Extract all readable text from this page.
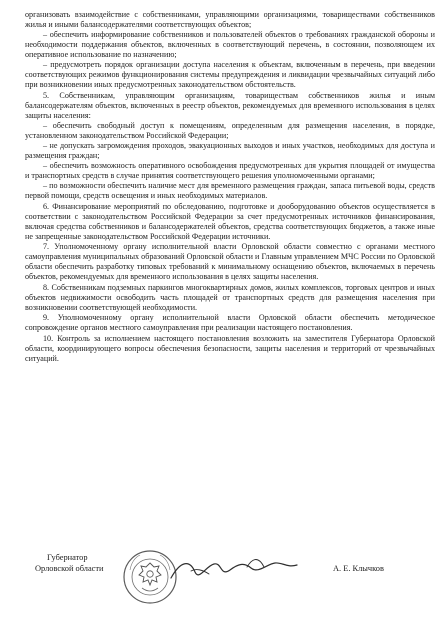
организовать взаимодействие с собственниками, управляющими организациями, товариществами собственников жилья и иными балансодержателями соответствующих объектов;

– обеспечить информирование собственников и пользователей объектов о требованиях гражданской обороны и необходимости поддержания объектов, включенных в соответствующий перечень, в состоянии, позволяющем их оперативное использование по назначению;

– предусмотреть порядок организации доступа населения к объектам, включенным в перечень, при введении соответствующих режимов функционирования системы предупреждения и ликвидации чрезвычайных ситуаций либо при возникновении иных предусмотренных законодательством обстоятельств.

5. Собственникам, управляющим организациям, товариществам собственников жилья и иным балансодержателям объектов, включенных в реестр объектов, рекомендуемых для временного использования в целях защиты населения:

– обеспечить свободный доступ к помещениям, определенным для размещения населения, в порядке, установленном законодательством Российской Федерации;

– не допускать загромождения проходов, эвакуационных выходов и иных участков, необходимых для доступа и размещения граждан;

– обеспечить возможность оперативного освобождения предусмотренных для укрытия площадей от имущества и транспортных средств в случае принятия соответствующего решения уполномоченными органами;

– по возможности обеспечить наличие мест для временного размещения граждан, запаса питьевой воды, средств первой помощи, средств освещения и иных необходимых материалов.

6. Финансирование мероприятий по обследованию, подготовке и дооборудованию объектов осуществляется в соответствии с законодательством Российской Федерации за счет предусмотренных источников финансирования, включая средства собственников и балансодержателей объектов, средства соответствующих бюджетов, а также иные не запрещенные законодательством Российской Федерации источники.

7. Уполномоченному органу исполнительной власти Орловской области совместно с органами местного самоуправления муниципальных образований Орловской области и Главным управлением МЧС России по Орловской области обеспечить разработку типовых требований к минимальному оснащению объектов, включаемых в перечень объектов, рекомендуемых для временного использования в целях защиты населения.

8. Собственникам подземных паркингов многоквартирных домов, жилых комплексов, торговых центров и иных объектов недвижимости освободить часть площадей от транспортных средств для размещения населения при возникновении соответствующей необходимости.

9. Уполномоченному органу исполнительной власти Орловской области обеспечить методическое сопровождение органов местного самоуправления при реализации настоящего постановления.

10. Контроль за исполнением настоящего постановления возложить на заместителя Губернатора Орловской области, координирующего вопросы обеспечения безопасности, защиты населения и территорий от чрезвычайных ситуаций.

Губернатор
Орловской области	А. Е. Клычков
